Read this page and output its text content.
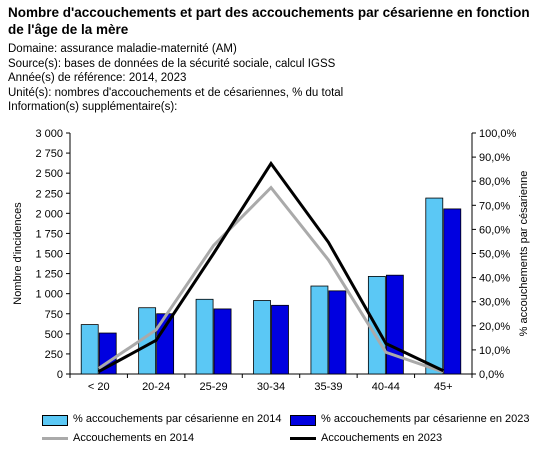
Nombre d'accouchements et part des accouchements par césarienne en fonction de l'âge de la mère
Domaine: assurance maladie-maternité (AM)
Source(s): bases de données de la sécurité sociale, calcul IGSS
Année(s) de référence: 2014, 2023
Unité(s): nombres d'accouchements et de césariennes, % du total
Information(s) supplémentaire(s):
0
250
500
750
1 000
1 250
1 500
1 750
2 000
2 250
2 500
2 750
3 000
0,0%
10,0%
20,0%
30,0%
40,0%
50,0%
60,0%
70,0%
80,0%
90,0%
100,0%
< 20	20-24	25-29	30-34	35-39	40-44	45+
Nombre d'incidences	% accouchements par césarienne
% accouchements par césarienne en 2014	% accouchements par césarienne en 2023
Accouchements en 2014	Accouchements en 2023
